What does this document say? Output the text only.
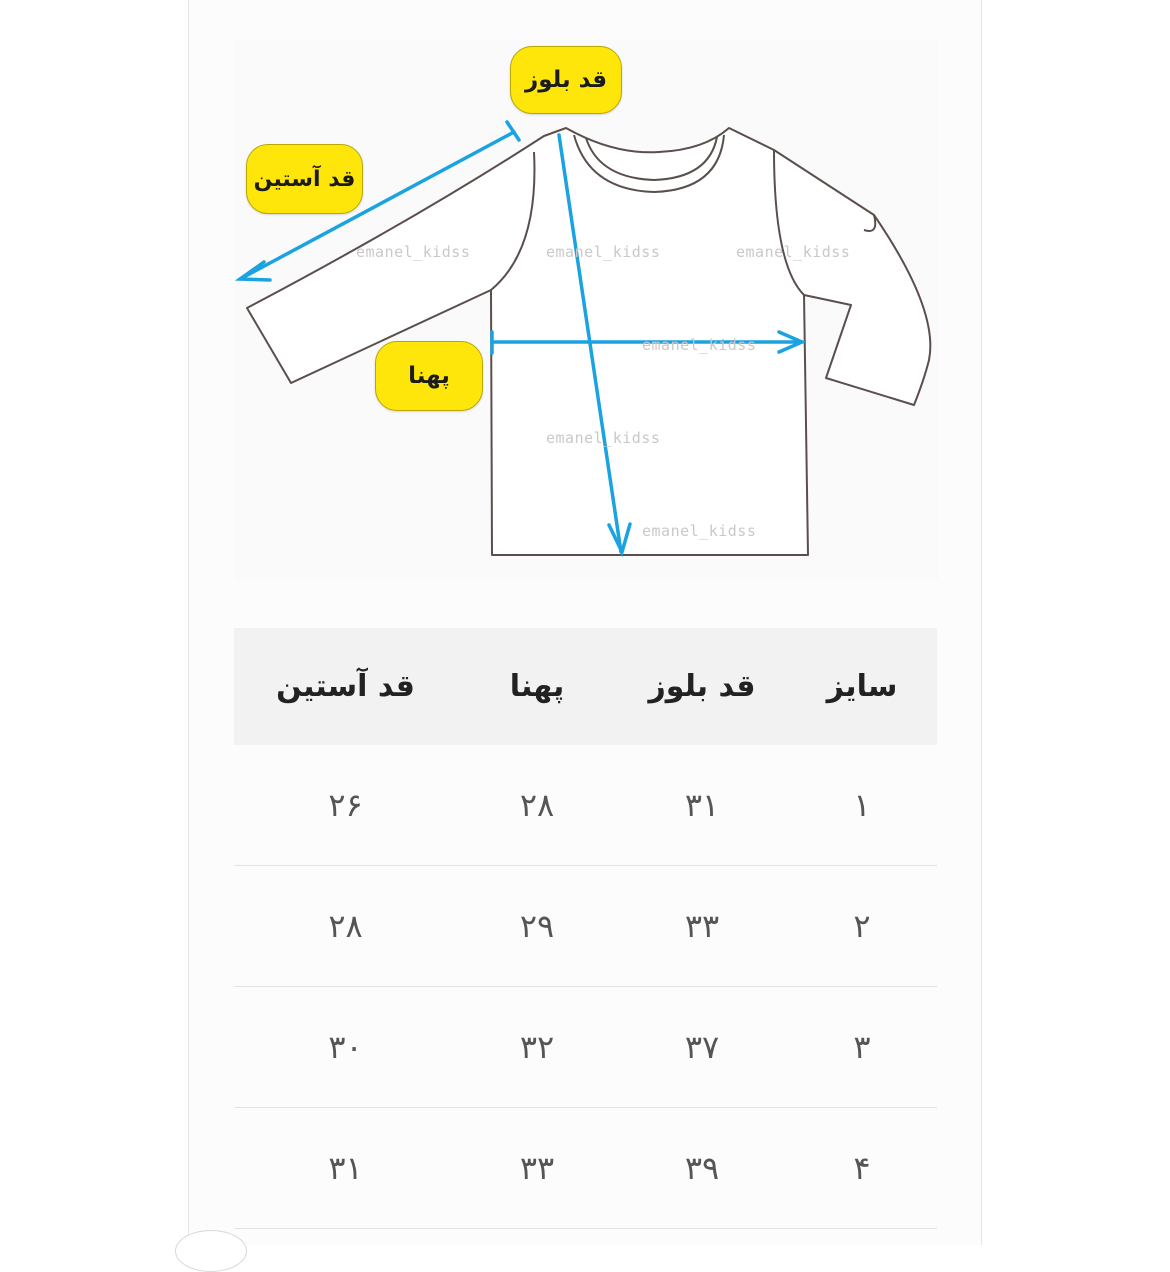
emanel_kidss	emanel_kidss	emanel_kidss
emanel_kidss
emanel_kidss
emanel_kidss
قد بلوز
قد آستین
پهنا
سایز	قد بلوز	پهنا	قد آستین
۱	۳۱	۲۸	۲۶
۲	۳۳	۲۹	۲۸
۳	۳۷	۳۲	۳۰
۴	۳۹	۳۳	۳۱
